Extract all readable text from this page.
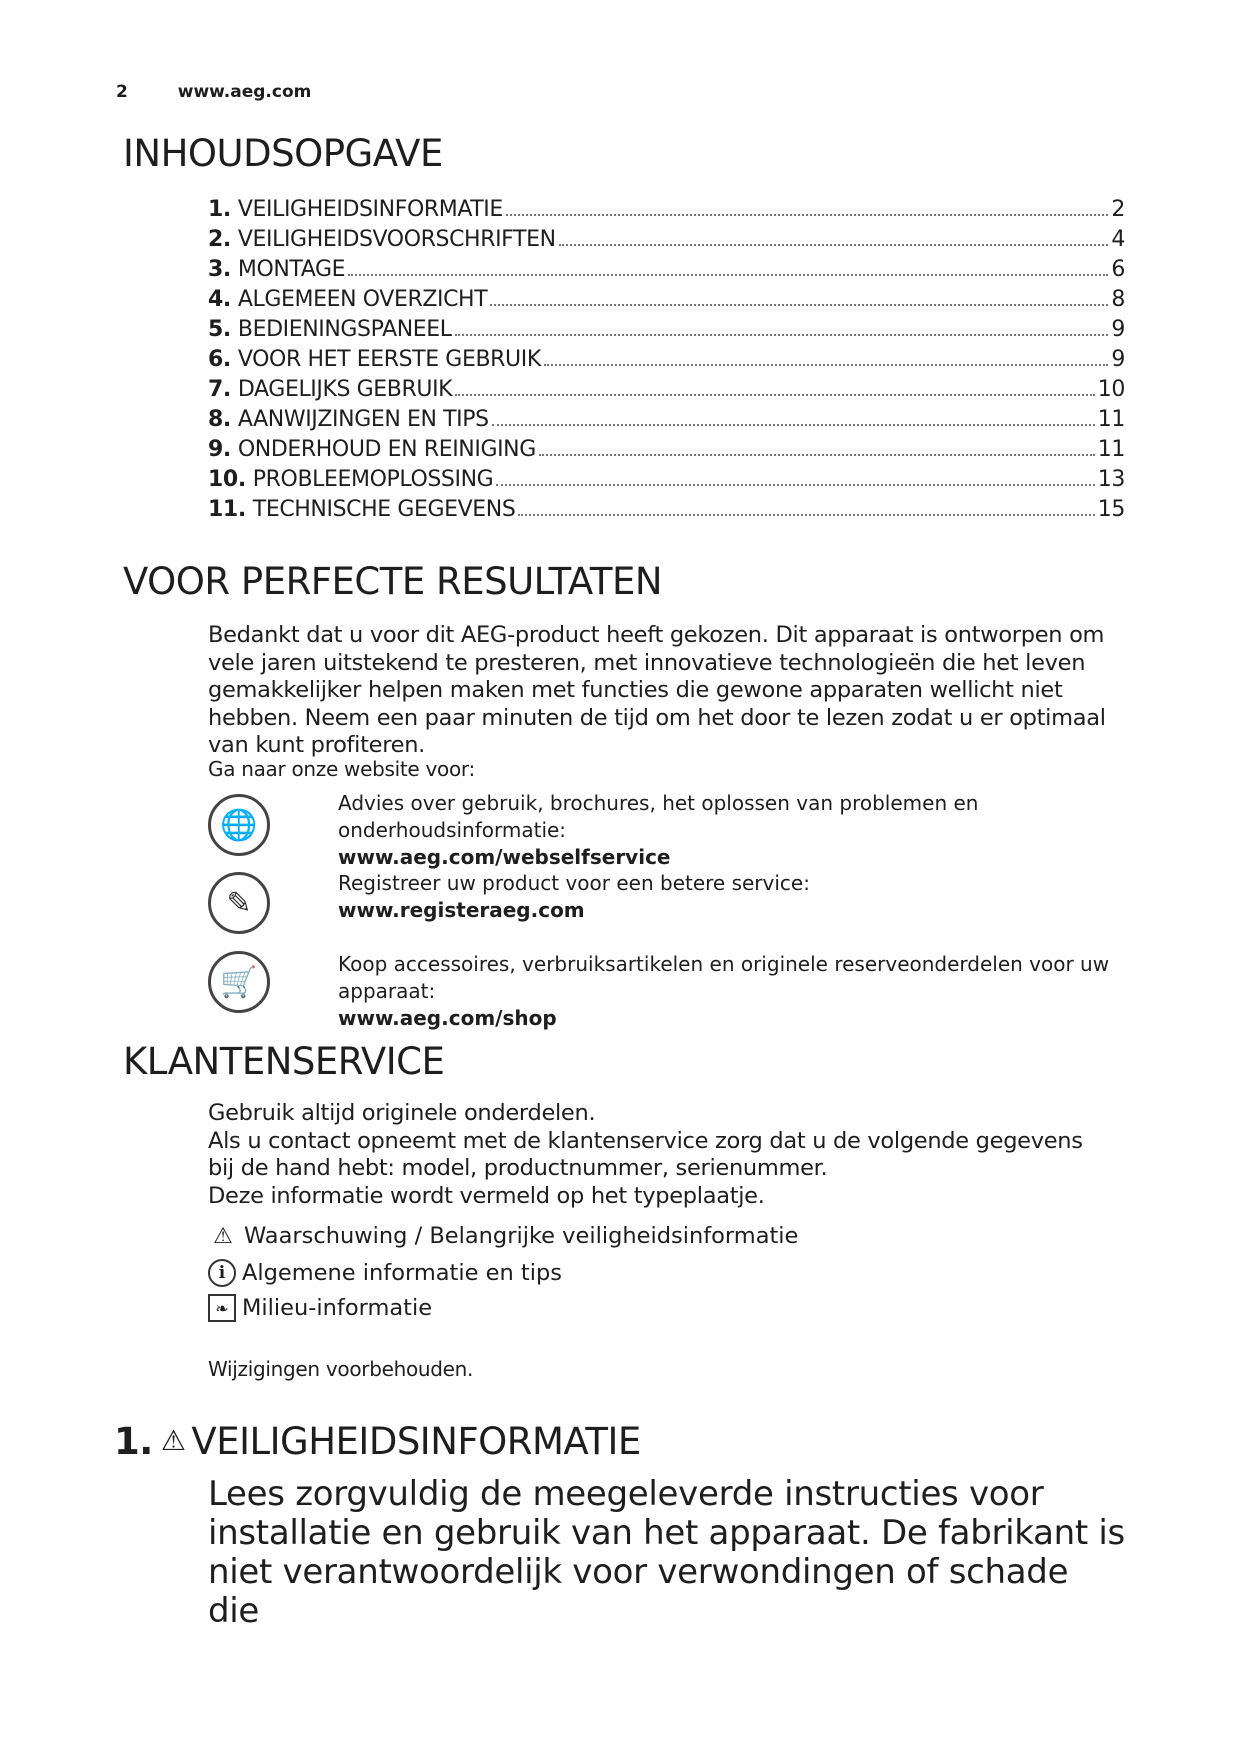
2	www.aeg.com
INHOUDSOPGAVE
1. VEILIGHEIDSINFORMATIE	2
2. VEILIGHEIDSVOORSCHRIFTEN	4
3. MONTAGE	6
4. ALGEMEEN OVERZICHT	8
5. BEDIENINGSPANEEL	9
6. VOOR HET EERSTE GEBRUIK	9
7. DAGELIJKS GEBRUIK	10
8. AANWIJZINGEN EN TIPS	11
9. ONDERHOUD EN REINIGING	11
10. PROBLEEMOPLOSSING	13
11. TECHNISCHE GEGEVENS	15
VOOR PERFECTE RESULTATEN

Bedankt dat u voor dit AEG-product heeft gekozen. Dit apparaat is ontworpen om vele jaren uitstekend te presteren, met innovatieve technologieën die het leven gemakkelijker helpen maken met functies die gewone apparaten wellicht niet hebben. Neem een paar minuten de tijd om het door te lezen zodat u er optimaal van kunt profiteren.

Ga naar onze website voor:

🌐
Advies over gebruik, brochures, het oplossen van problemen en onderhoudsinformatie:
www.aeg.com/webselfservice
✎
Registreer uw product voor een betere service:
www.registeraeg.com
🛒
Koop accessoires, verbruiksartikelen en originele reserveonderdelen voor uw apparaat:
www.aeg.com/shop
KLANTENSERVICE
Gebruik altijd originele onderdelen.
Als u contact opneemt met de klantenservice zorg dat u de volgende gegevens bij de hand hebt: model, productnummer, serienummer.
Deze informatie wordt vermeld op het typeplaatje.
⚠ Waarschuwing / Belangrijke veiligheidsinformatie
i Algemene informatie en tips
❧ Milieu-informatie
Wijzigingen voorbehouden.
1. ⚠ VEILIGHEIDSINFORMATIE

Lees zorgvuldig de meegeleverde instructies voor installatie en gebruik van het apparaat. De fabrikant is niet verantwoordelijk voor verwondingen of schade die
